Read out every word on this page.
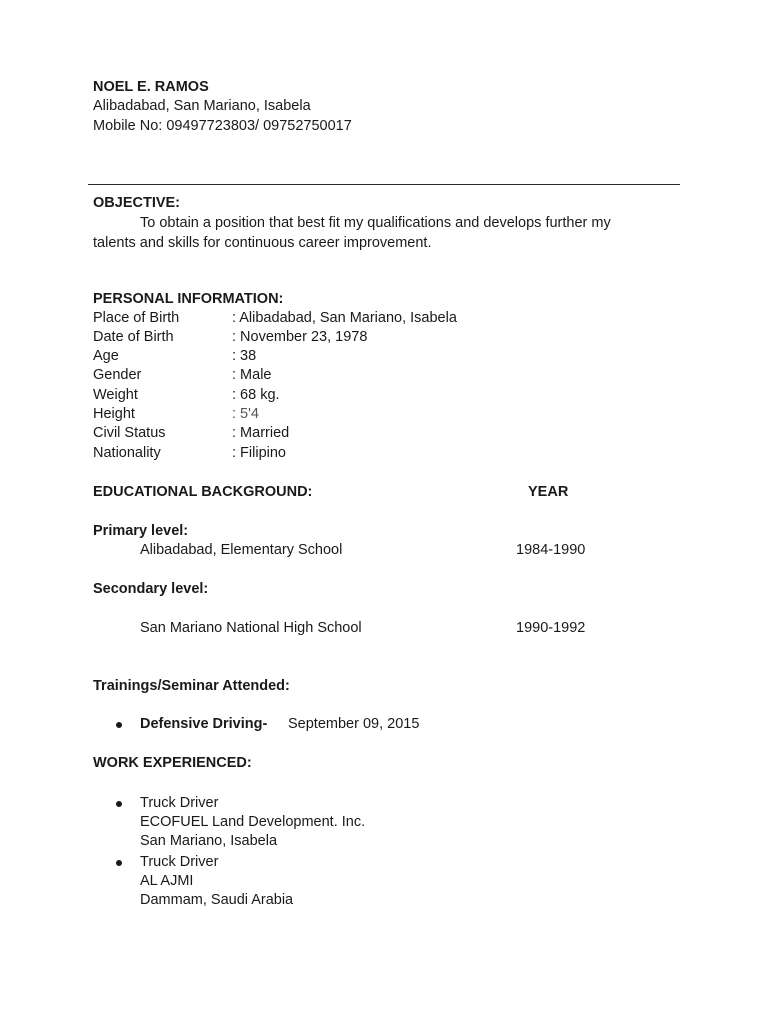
NOEL E. RAMOS
Alibadabad, San Mariano, Isabela
Mobile No: 09497723803/ 09752750017
OBJECTIVE:
To obtain a position that best fit my qualifications and develops further my
talents and skills for continuous career improvement.
PERSONAL INFORMATION:
Place of Birth	: Alibadabad, San Mariano, Isabela
Date of Birth	: November 23, 1978
Age	: 38
Gender	: Male
Weight	: 68 kg.
Height	: 5'4
Civil Status	: Married
Nationality	: Filipino
EDUCATIONAL BACKGROUND:	YEAR
Primary level:
Alibadabad, Elementary School	1984-1990
Secondary level:
San Mariano National High School	1990-1992
Trainings/Seminar Attended:
Defensive Driving- September 09, 2015
WORK EXPERIENCED:
Truck Driver
ECOFUEL Land Development. Inc.
San Mariano, Isabela
Truck Driver
AL AJMI
Dammam, Saudi Arabia
